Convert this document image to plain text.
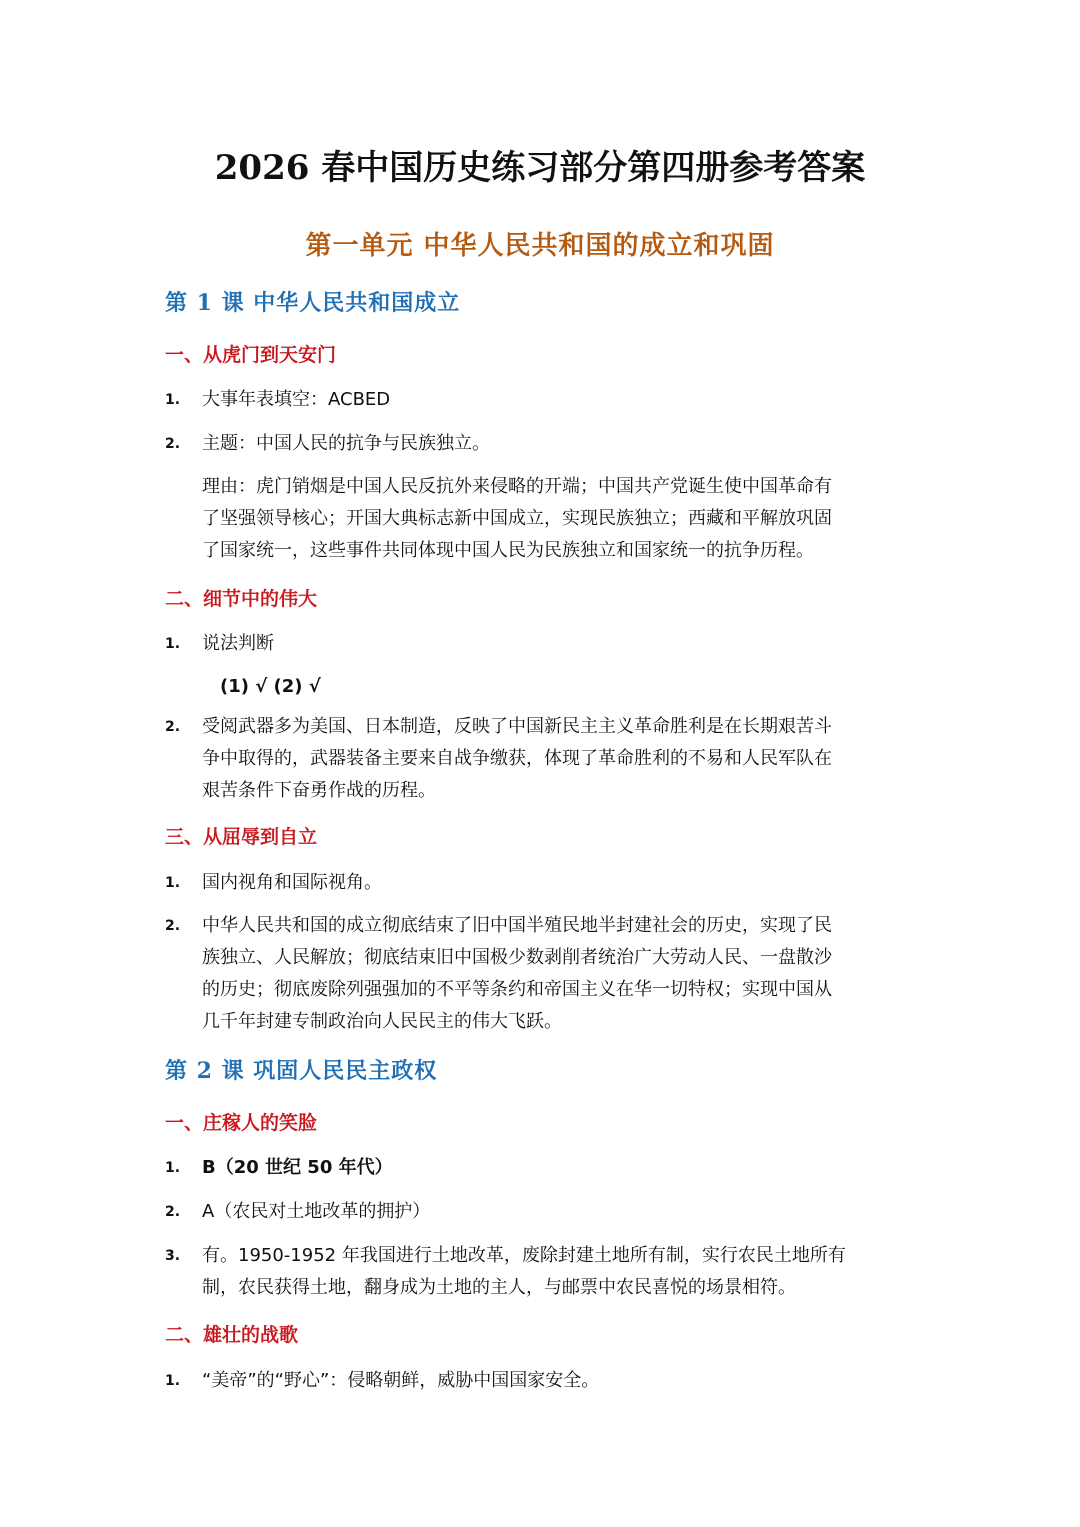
2026 春中国历史练习部分第四册参考答案
第一单元 中华人民共和国的成立和巩固
第 1 课 中华人民共和国成立
一、从虎门到天安门
1. 大事年表填空：ACBED
2. 主题：中国人民的抗争与民族独立。
理由：虎门销烟是中国人民反抗外来侵略的开端；中国共产党诞生使中国革命有
了坚强领导核心；开国大典标志新中国成立，实现民族独立；西藏和平解放巩固
了国家统一，这些事件共同体现中国人民为民族独立和国家统一的抗争历程。
二、细节中的伟大
1. 说法判断
(1) √ (2) √
2. 受阅武器多为美国、日本制造，反映了中国新民主主义革命胜利是在长期艰苦斗
争中取得的，武器装备主要来自战争缴获，体现了革命胜利的不易和人民军队在
艰苦条件下奋勇作战的历程。
三、从屈辱到自立
1. 国内视角和国际视角。
2. 中华人民共和国的成立彻底结束了旧中国半殖民地半封建社会的历史，实现了民
族独立、人民解放；彻底结束旧中国极少数剥削者统治广大劳动人民、一盘散沙
的历史；彻底废除列强强加的不平等条约和帝国主义在华一切特权；实现中国从
几千年封建专制政治向人民民主的伟大飞跃。
第 2 课 巩固人民民主政权
一、庄稼人的笑脸
1. B（20 世纪 50 年代）
2. A（农民对土地改革的拥护）
3. 有。1950-1952 年我国进行土地改革，废除封建土地所有制，实行农民土地所有
制，农民获得土地，翻身成为土地的主人，与邮票中农民喜悦的场景相符。
二、雄壮的战歌
1. “美帝”的“野心”：侵略朝鲜，威胁中国国家安全。
